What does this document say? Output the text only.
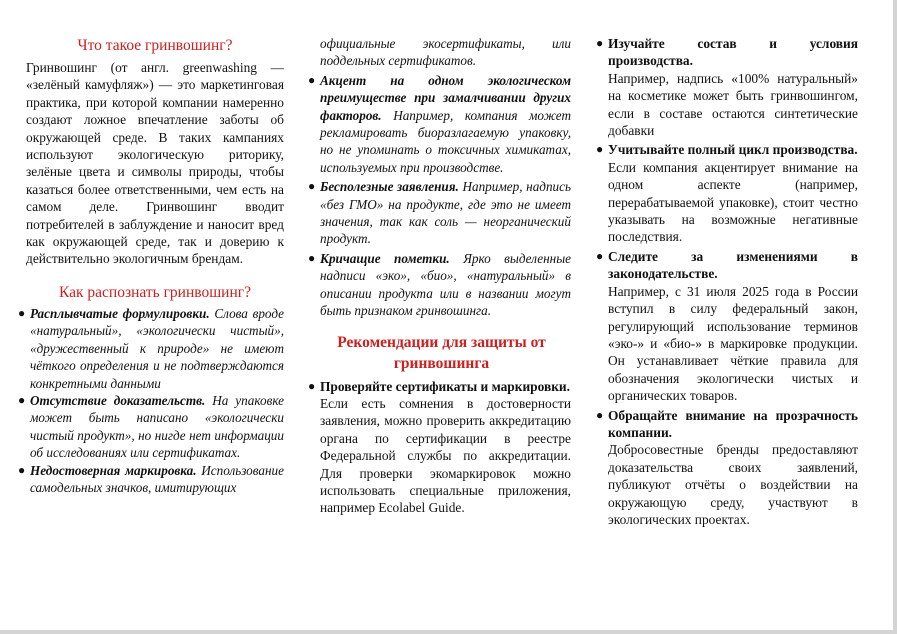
Что такое гринвошинг?

Гринвошинг (от англ. greenwashing — «зелёный камуфляж») — это маркетинговая практика, при которой компании намеренно создают ложное впечатление заботы об окружающей среде. В таких кампаниях используют экологическую риторику, зелёные цвета и символы природы, чтобы казаться более ответственными, чем есть на самом деле. Гринвошинг вводит потребителей в заблуждение и наносит вред как окружающей среде, так и доверию к действительно экологичным брендам.

Как распознать гринвошинг?
● Расплывчатые формулировки. Слова вроде «натуральный», «экологически чистый», «дружественный к природе» не имеют чёткого определения и не подтверждаются конкретными данными
● Отсутствие доказательств. На упаковке может быть написано «экологически чистый продукт», но нигде нет информации об исследованиях или сертификатах.
● Недостоверная маркировка. Использование самодельных значков, имитирующих

официальные экосертификаты, или поддельных сертификатов.

● Акцент на одном экологическом преимуществе при замалчивании других факторов. Например, компания может рекламировать биоразлагаемую упаковку, но не упоминать о токсичных химикатах, используемых при производстве.
● Бесполезные заявления. Например, надпись «без ГМО» на продукте, где это не имеет значения, так как соль — неорганический продукт.
● Кричащие пометки. Ярко выделенные надписи «эко», «био», «натуральный» в описании продукта или в названии могут быть признаком гринвошинга.
Рекомендации для защиты от гринвошинга
● Проверяйте сертификаты и маркировки.

Если есть сомнения в достоверности заявления, можно проверить аккредитацию органа по сертификации в реестре Федеральной службы по аккредитации. Для проверки экомаркировок можно использовать специальные приложения, например Ecolabel Guide.

● Изучайте состав и условия производства.

Например, надпись «100% натуральный» на косметике может быть гринвошингом, если в составе остаются синтетические добавки

● Учитывайте полный цикл производства.

Если компания акцентирует внимание на одном аспекте (например, перерабатываемой упаковке), стоит честно указывать на возможные негативные последствия.

● Следите за изменениями в законодательстве.

Например, с 31 июля 2025 года в России вступил в силу федеральный закон, регулирующий использование терминов «эко-» и «био-» в маркировке продукции. Он устанавливает чёткие правила для обозначения экологически чистых и органических товаров.

● Обращайте внимание на прозрачность компании.

Добросовестные бренды предоставляют доказательства своих заявлений, публикуют отчёты о воздействии на окружающую среду, участвуют в экологических проектах.
